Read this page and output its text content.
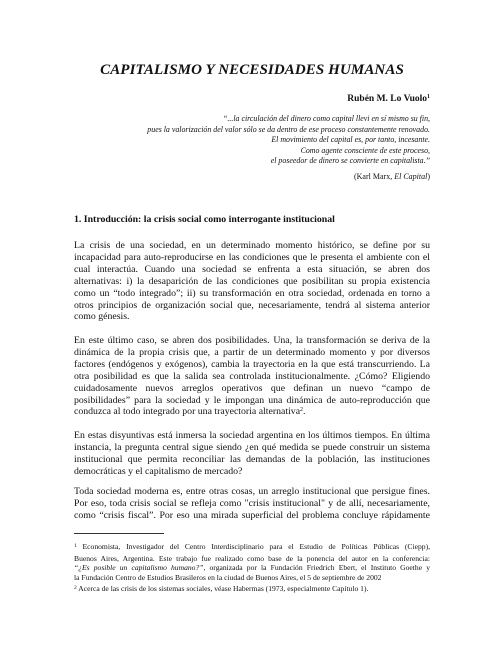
CAPITALISMO Y NECESIDADES HUMANAS
Rubén M. Lo Vuolo$^1$
“...la circulación del dinero como capital llevi en sí mismo su fin,
pues la valorización del valor sólo se da dentro de ese proceso constantemente renovado.
El movimiento del capital es, por tanto, incesante.
Como agente consciente de este proceso,
el poseedor de dinero se convierte en capitalista.”
(Karl Marx, El Capital)
1. Introducción: la crisis social como interrogante institucional
La crisis de una sociedad, en un determinado momento histórico, se define por su
incapacidad para auto-reproducirse en las condiciones que le presenta el ambiente con el
cual interactúa. Cuando una sociedad se enfrenta a esta situación, se abren dos
alternativas: i) la desaparición de las condiciones que posibilitan su propia existencia
como un “todo integrado”; ii) su transformación en otra sociedad, ordenada en torno a
otros principios de organización social que, necesariamente, tendrá al sistema anterior
como génesis.
En este último caso, se abren dos posibilidades. Una, la transformación se deriva de la
dinámica de la propia crisis que, a partir de un determinado momento y por diversos
factores (endógenos y exógenos), cambia la trayectoria en la que está transcurriendo. La
otra posibilidad es que la salida sea controlada institucionalmente. ¿Cómo? Eligiendo
cuidadosamente nuevos arreglos operativos que definan un nuevo “campo de
posibilidades” para la sociedad y le impongan una dinámica de auto-reproducción que
conduzca al todo integrado por una trayectoria alternativa$^2$.
En estas disyuntivas está inmersa la sociedad argentina en los últimos tiempos. En última
instancia, la pregunta central sigue siendo ¿en qué medida se puede construir un sistema
institucional que permita reconciliar las demandas de la población, las instituciones
democráticas y el capitalismo de mercado?
Toda sociedad moderna es, entre otras cosas, un arreglo institucional que persigue fines.
Por eso, toda crisis social se refleja como "crisis institucional" y de allí, necesariamente,
como “crisis fiscal”. Por eso una mirada superficial del problema concluye rápidamente
$^1$ Economista, Investigador del Centro Interdisciplinario para el Estudio de Políticas Públicas (Ciepp),
Buenos Aires, Argentina. Este trabajo fue realizado como base de la ponencia del autor en la conferencia:
“¿Es posible un capitalismo humano?”, organizada por la Fundación Friedrich Ebert, el Instituto Goethe y
la Fundación Centro de Estudios Brasileros en la ciudad de Buenos Aires, el 5 de septiembre de 2002
$^2$ Acerca de las crisis de los sistemas sociales, véase Habermas (1973, especialmente Capítulo 1).
